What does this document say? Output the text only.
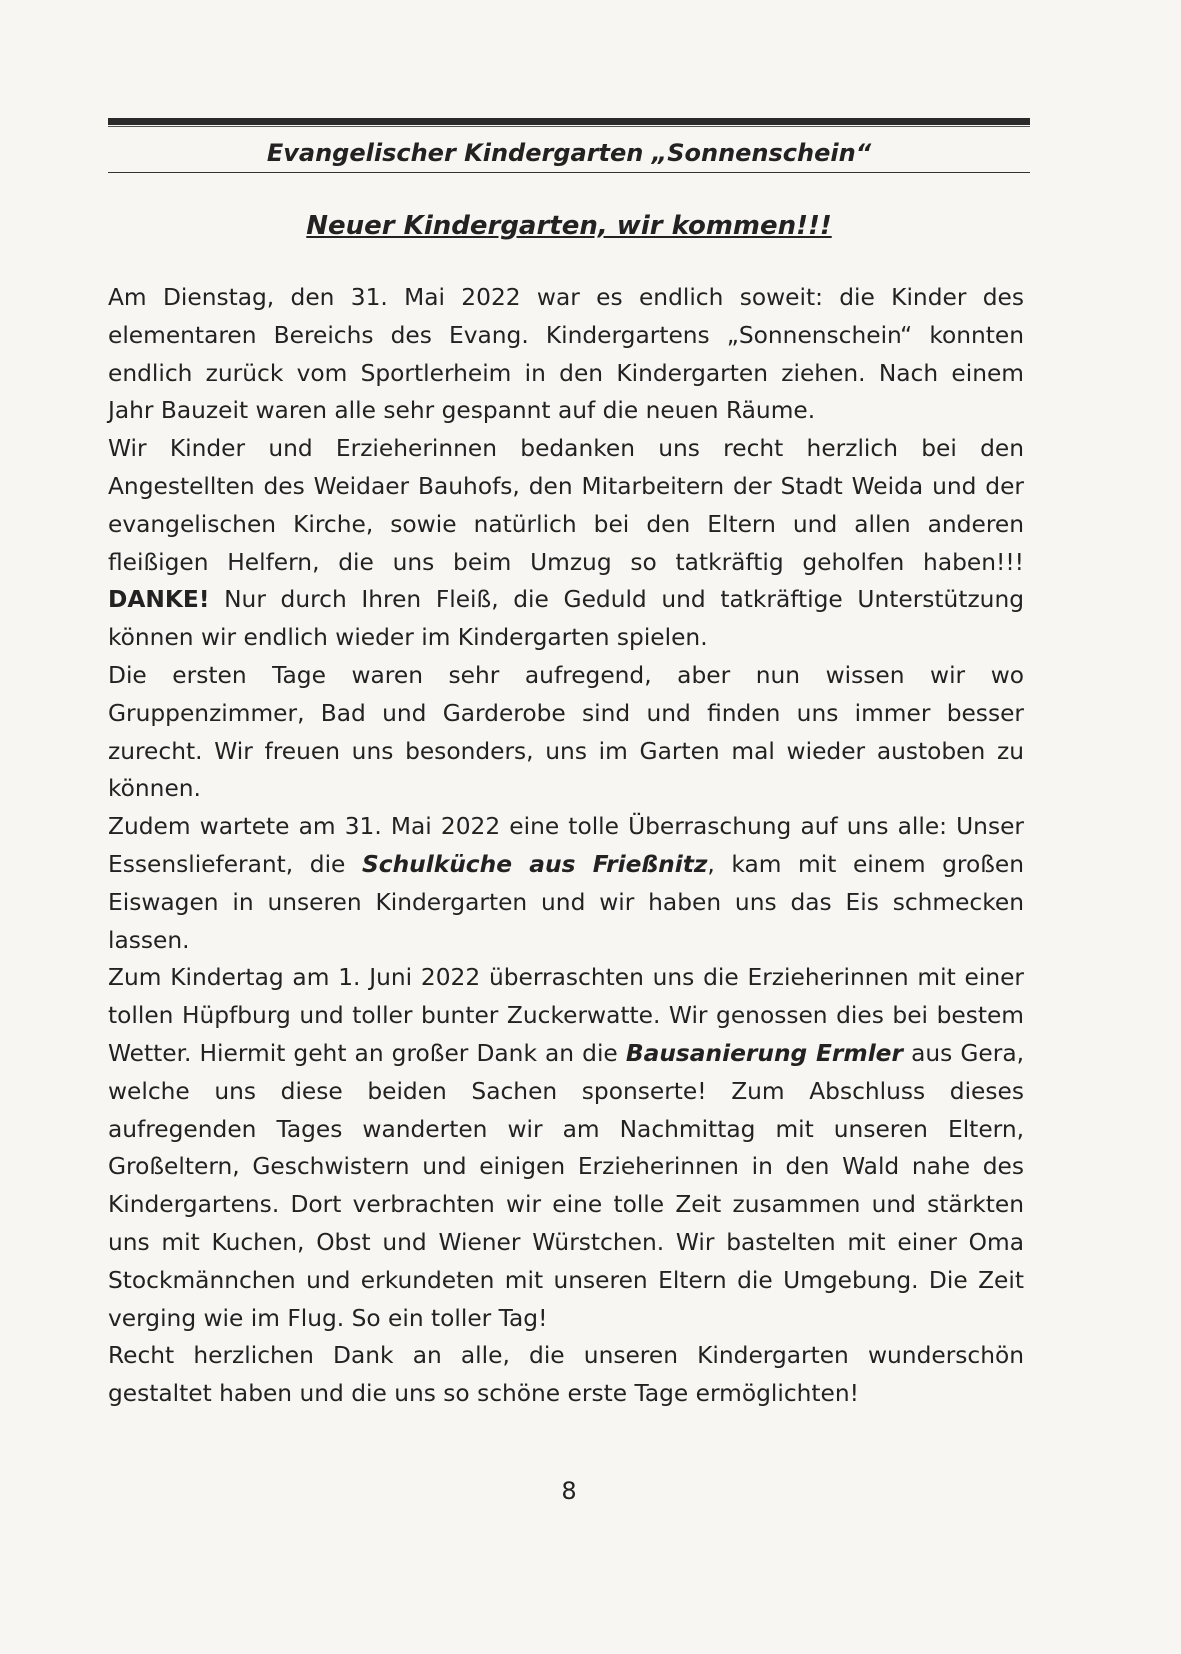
Evangelischer Kindergarten „Sonnenschein“
Neuer Kindergarten, wir kommen!!!

Am Dienstag, den 31. Mai 2022 war es endlich soweit: die Kinder des elementaren Bereichs des Evang. Kindergartens „Sonnenschein“ konnten endlich zurück vom Sportlerheim in den Kindergarten ziehen. Nach einem Jahr Bauzeit waren alle sehr gespannt auf die neuen Räume.

Wir Kinder und Erzieherinnen bedanken uns recht herzlich bei den Angestellten des Weidaer Bauhofs, den Mitarbeitern der Stadt Weida und der evangelischen Kirche, sowie natürlich bei den Eltern und allen anderen fleißigen Helfern, die uns beim Umzug so tatkräftig geholfen haben!!! DANKE! Nur durch Ihren Fleiß, die Geduld und tatkräftige Unterstützung können wir endlich wieder im Kindergarten spielen.

Die ersten Tage waren sehr aufregend, aber nun wissen wir wo Gruppenzimmer, Bad und Garderobe sind und finden uns immer besser zurecht. Wir freuen uns besonders, uns im Garten mal wieder austoben zu können.

Zudem wartete am 31. Mai 2022 eine tolle Überraschung auf uns alle: Unser Essenslieferant, die Schulküche aus Frießnitz, kam mit einem großen Eiswagen in unseren Kindergarten und wir haben uns das Eis schmecken lassen.

Zum Kindertag am 1. Juni 2022 überraschten uns die Erzieherinnen mit einer tollen Hüpfburg und toller bunter Zuckerwatte. Wir genossen dies bei bestem Wetter. Hiermit geht an großer Dank an die Bausanierung Ermler aus Gera, welche uns diese beiden Sachen sponserte! Zum Abschluss dieses aufregenden Tages wanderten wir am Nachmittag mit unseren Eltern, Großeltern, Geschwistern und einigen Erzieherinnen in den Wald nahe des Kindergartens. Dort verbrachten wir eine tolle Zeit zusammen und stärkten uns mit Kuchen, Obst und Wiener Würstchen. Wir bastelten mit einer Oma Stockmännchen und erkundeten mit unseren Eltern die Umgebung. Die Zeit verging wie im Flug. So ein toller Tag!

Recht herzlichen Dank an alle, die unseren Kindergarten wunderschön gestaltet haben und die uns so schöne erste Tage ermöglichten!

8
